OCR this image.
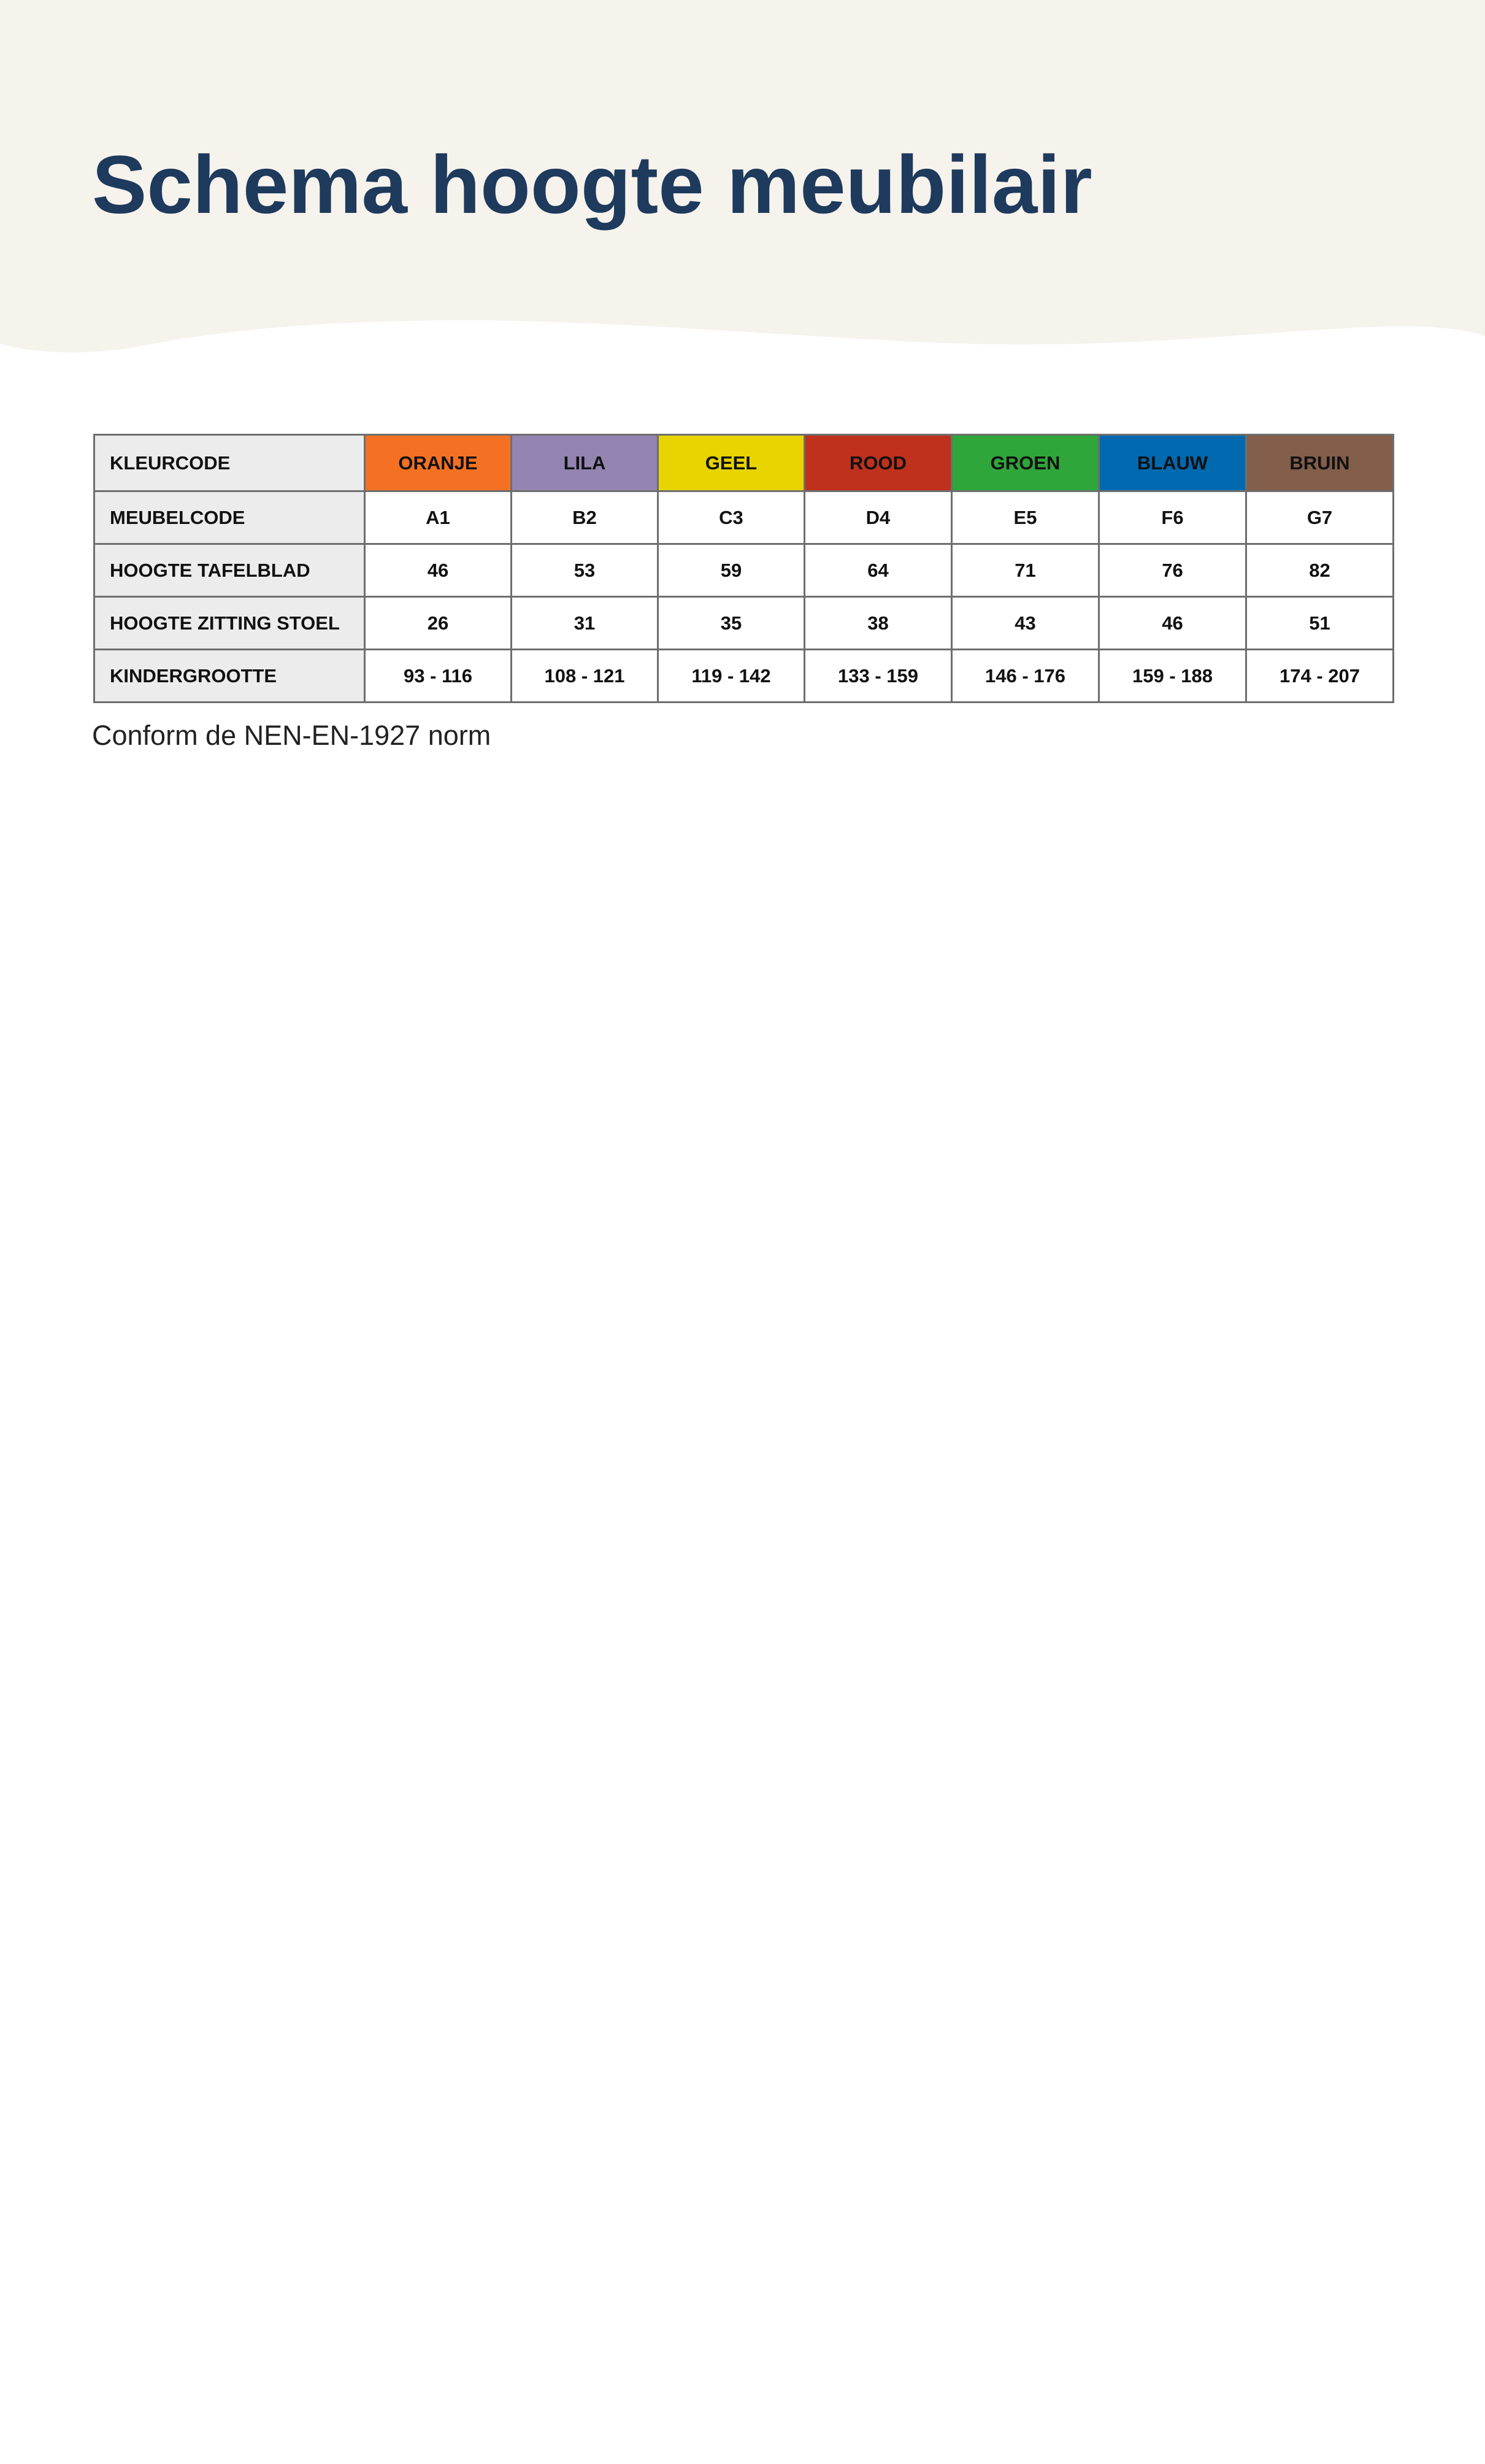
Schema hoogte meubilair
KLEURCODE	ORANJE	LILA	GEEL	ROOD	GROEN	BLAUW	BRUIN
MEUBELCODE	A1	B2	C3	D4	E5	F6	G7
HOOGTE TAFELBLAD	46	53	59	64	71	76	82
HOOGTE ZITTING STOEL	26	31	35	38	43	46	51
KINDERGROOTTE	93 - 116	108 - 121	119 - 142	133 - 159	146 - 176	159 - 188	174 - 207

Conform de NEN-EN-1927 norm
